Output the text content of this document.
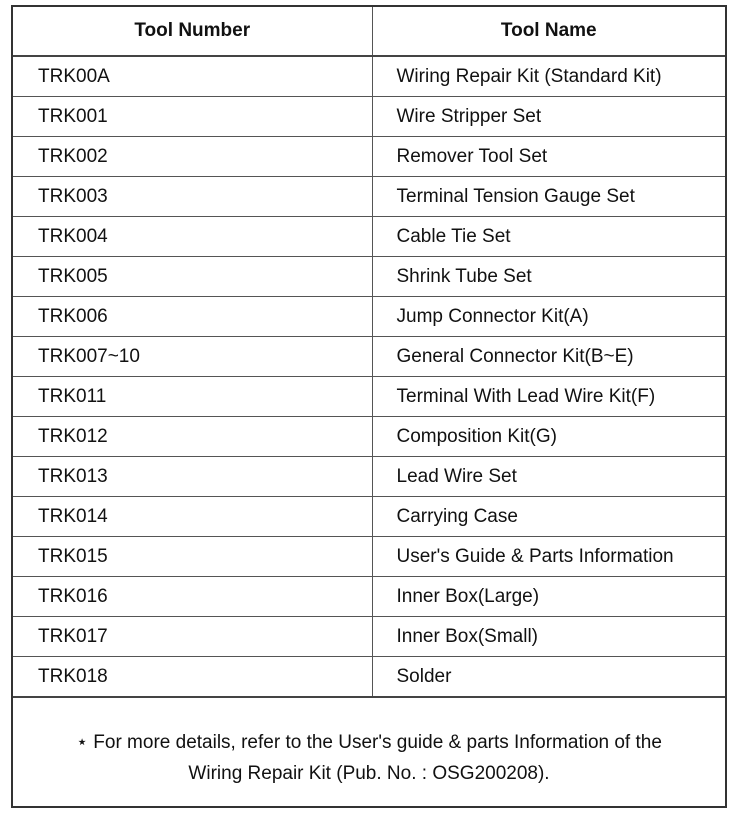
Tool Number	Tool Name
TRK00A	Wiring Repair Kit (Standard Kit)
TRK001	Wire Stripper Set
TRK002	Remover Tool Set
TRK003	Terminal Tension Gauge Set
TRK004	Cable Tie Set
TRK005	Shrink Tube Set
TRK006	Jump Connector Kit(A)
TRK007~10	General Connector Kit(B~E)
TRK011	Terminal With Lead Wire Kit(F)
TRK012	Composition Kit(G)
TRK013	Lead Wire Set
TRK014	Carrying Case
TRK015	User's Guide & Parts Information
TRK016	Inner Box(Large)
TRK017	Inner Box(Small)
TRK018	Solder
⋆ For more details, refer to the User's guide & parts Information of the
Wiring Repair Kit (Pub. No. : OSG200208).
